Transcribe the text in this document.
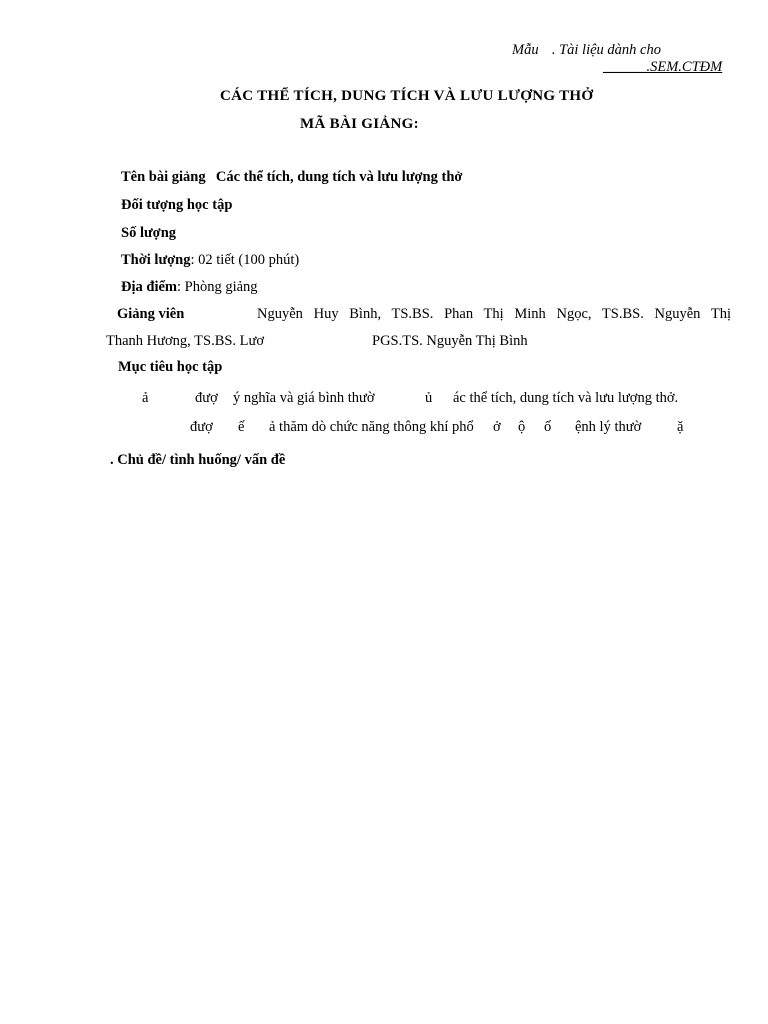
Mẫu . Tài liệu dành cho
______.SEM.CTĐM
CÁC THỂ TÍCH, DUNG TÍCH VÀ LƯU LƯỢNG THỞ
MÃ BÀI GIẢNG:
Tên bài giảng Các thể tích, dung tích và lưu lượng thở
Đối tượng học tập
Số lượng
Thời lượng: 02 tiết (100 phút)
Địa điểm: Phòng giảng
Giảng viên	Nguyễn Huy Bình, TS.BS. Phan Thị Minh Ngọc, TS.BS. Nguyễn Thị
Thanh Hương, TS.BS. Lươ	PGS.TS. Nguyễn Thị Bình
Mục tiêu học tập
ả	đượ ý nghĩa và giá bình thườ	ủ ác thể tích, dung tích và lưu lượng thở.
đượ ế ả thăm dò chức năng thông khí phổ ở ộ ố ệnh lý thườ ặ
. Chủ đề/ tình huống/ vấn đề
